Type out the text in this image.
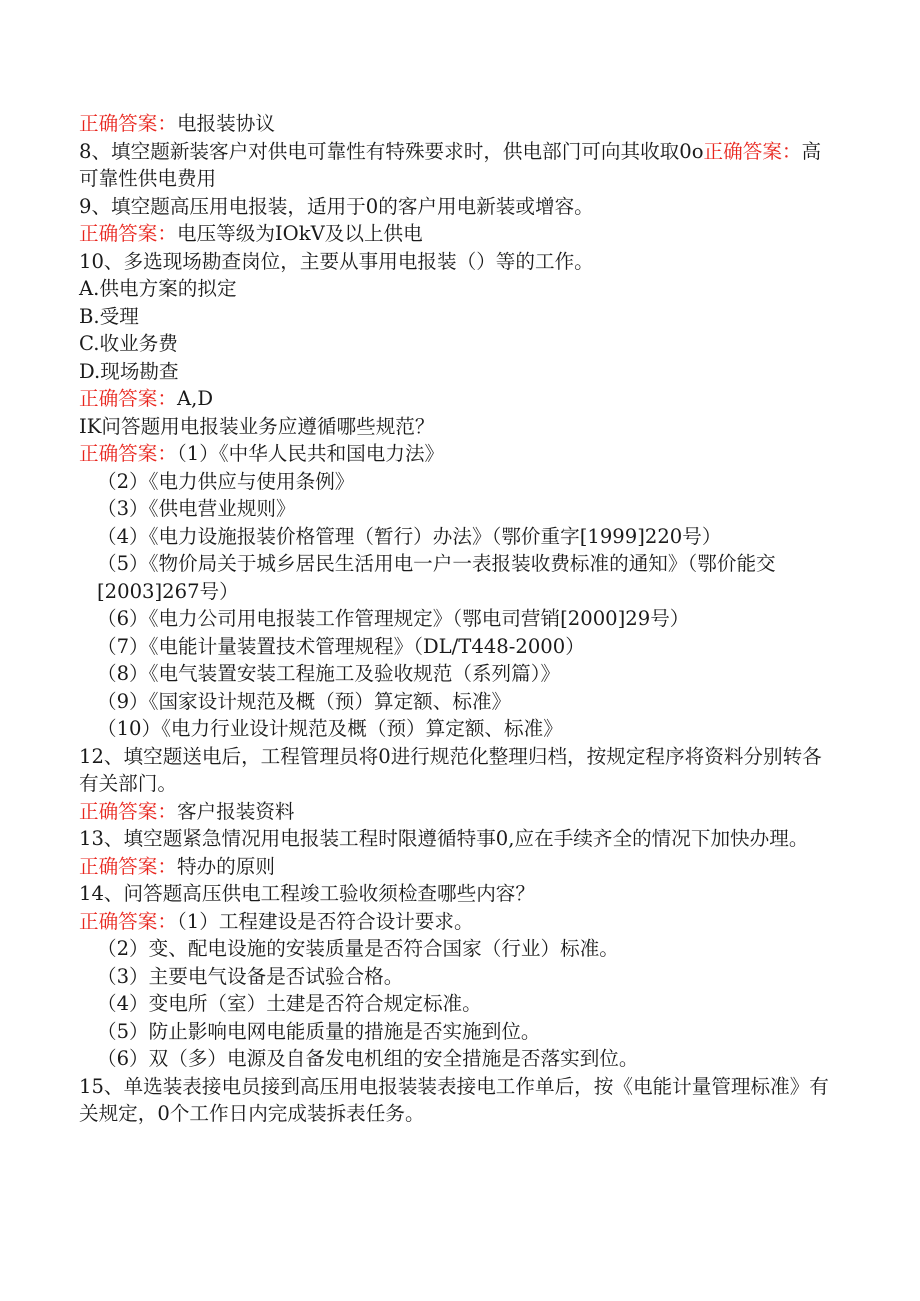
正确答案：电报装协议
8、填空题新装客户对供电可靠性有特殊要求时，供电部门可向其收取0o正确答案：高可靠性供电费用
9、填空题高压用电报装，适用于0的客户用电新装或增容。
正确答案：电压等级为IOkV及以上供电
10、多选现场勘查岗位，主要从事用电报装（）等的工作。
A.供电方案的拟定
B.受理
C.收业务费
D.现场勘查
正确答案：A,D
IK问答题用电报装业务应遵循哪些规范？
正确答案：（1）《中华人民共和国电力法》
（2）《电力供应与使用条例》
（3）《供电营业规则》
（4）《电力设施报装价格管理（暂行）办法》（鄂价重字[1999]220号）
（5）《物价局关于城乡居民生活用电一户一表报装收费标准的通知》（鄂价能交[2003]267号）
（6）《电力公司用电报装工作管理规定》（鄂电司营销[2000]29号）
（7）《电能计量装置技术管理规程》（DL/T448-2000）
（8）《电气装置安装工程施工及验收规范（系列篇）》
（9）《国家设计规范及概（预）算定额、标准》
（10）《电力行业设计规范及概（预）算定额、标准》
12、填空题送电后，工程管理员将0进行规范化整理归档，按规定程序将资料分别转各有关部门。
正确答案：客户报装资料
13、填空题紧急情况用电报装工程时限遵循特事0,应在手续齐全的情况下加快办理。
正确答案：特办的原则
14、问答题高压供电工程竣工验收须检查哪些内容？
正确答案：（1）工程建设是否符合设计要求。
（2）变、配电设施的安装质量是否符合国家（行业）标准。
（3）主要电气设备是否试验合格。
（4）变电所（室）土建是否符合规定标准。
（5）防止影响电网电能质量的措施是否实施到位。
（6）双（多）电源及自备发电机组的安全措施是否落实到位。
15、单选装表接电员接到高压用电报装装表接电工作单后，按《电能计量管理标准》有关规定，0个工作日内完成装拆表任务。
